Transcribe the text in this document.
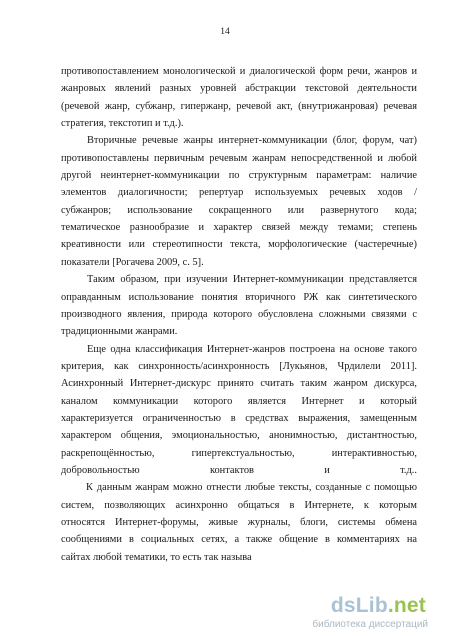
14
противопоставлением монологической и диалогической форм речи, жанров и
жанровых явлений разных уровней абстракции текстовой деятельности
(речевой жанр, субжанр, гипержанр, речевой акт, (внутрижанровая) речевая
стратегия, текстотип и т.д.).
Вторичные речевые жанры интернет-коммуникации (блог, форум, чат)
противопоставлены первичным речевым жанрам непосредственной и любой
другой неинтернет-коммуникации по структурным параметрам: наличие
элементов диалогичности; репертуар используемых речевых ходов /
субжанров; использование сокращенного или развернутого кода;
тематическое разнообразие и характер связей между темами; степень
креативности или стереотипности текста, морфологические (частеречные)
показатели [Рогачева 2009, с. 5].
Таким образом, при изучении Интернет-коммуникации представляется
оправданным использование понятия вторичного РЖ как синтетического
производного явления, природа которого обусловлена сложными связями с
традиционными жанрами.
Еще одна классификация Интернет-жанров построена на основе такого
критерия, как синхронность/асинхронность [Лукьянов, Чрдилели 2011].
Асинхронный Интернет-дискурс принято считать таким жанром дискурса,
каналом коммуникации которого является Интернет и который
характеризуется ограниченностью в средствах выражения, замещенным
характером общения, эмоциональностью, анонимностью, дистантностью,
раскрепощённостью, гипертекстуальностью, интерактивностью,
добровольностью контактов и т.д..
К данным жанрам можно отнести любые тексты, созданные с помощью
систем, позволяющих асинхронно общаться в Интернете, к которым
относятся Интернет-форумы, живые журналы, блоги, системы обмена
сообщениями в социальных сетях, а также общение в комментариях на
сайтах любой тематики, то есть так называ
dsLib.net
библиотека диссертаций
